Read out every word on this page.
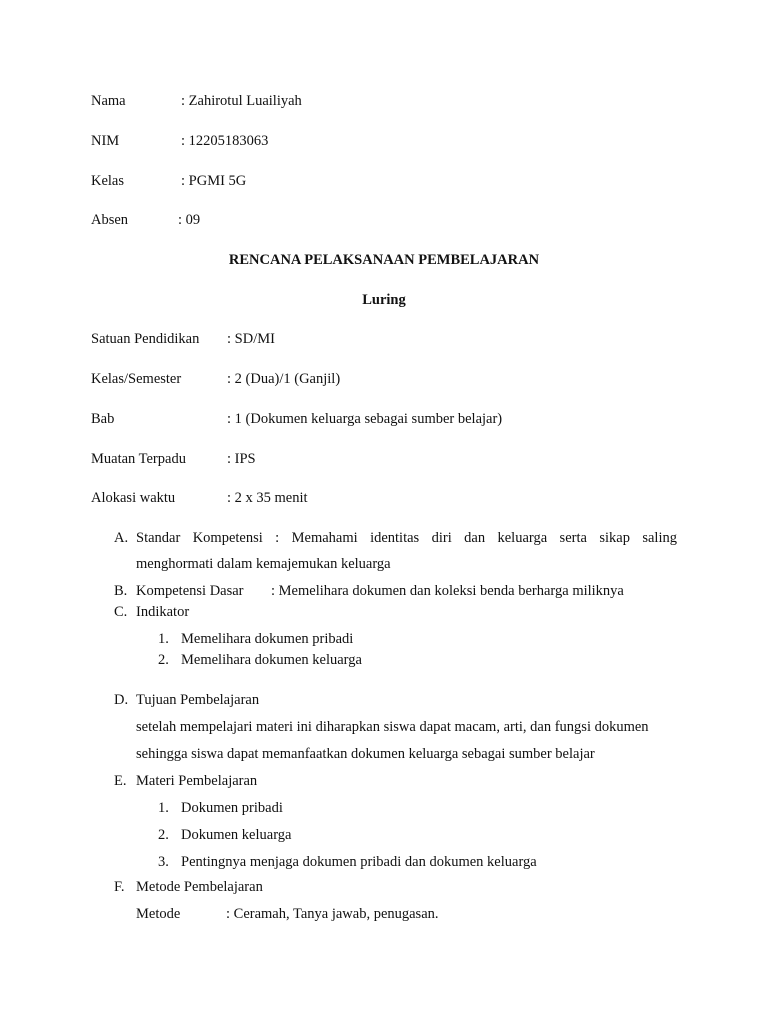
Nama	: Zahirotul Luailiyah
NIM	: 12205183063
Kelas	: PGMI 5G
Absen	: 09
RENCANA PELAKSANAAN PEMBELAJARAN
Luring
Satuan Pendidikan : SD/MI
Kelas/Semester	: 2 (Dua)/1 (Ganjil)
Bab	: 1 (Dokumen keluarga sebagai sumber belajar)
Muatan Terpadu	: IPS
Alokasi waktu	: 2 x 35 menit
A. Standar Kompetensi : Memahami identitas diri dan keluarga serta sikap saling
menghormati dalam kemajemukan keluarga
B. Kompetensi Dasar : Memelihara dokumen dan koleksi benda berharga miliknya
C. Indikator
1. Memelihara dokumen pribadi
2. Memelihara dokumen keluarga
D. Tujuan Pembelajaran
setelah mempelajari materi ini diharapkan siswa dapat macam, arti, dan fungsi dokumen
sehingga siswa dapat memanfaatkan dokumen keluarga sebagai sumber belajar
E. Materi Pembelajaran
1. Dokumen pribadi
2. Dokumen keluarga
3. Pentingnya menjaga dokumen pribadi dan dokumen keluarga
F. Metode Pembelajaran
Metode	: Ceramah, Tanya jawab, penugasan.
